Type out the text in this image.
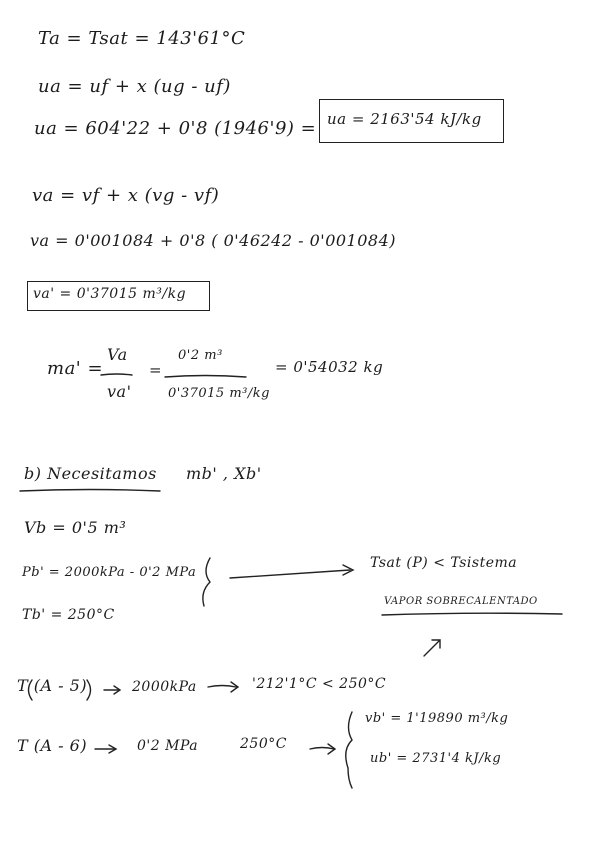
Ta = Tsat = 143'61°C
ua = uf + x (ug - uf)
ua = 604'22 + 0'8 (1946'9) = ua = 2163'54 kJ/kg
va = vf + x (vg - vf)
va = 0'001084 + 0'8 ( 0'46242 - 0'001084)
va' = 0'37015 m³/kg
ma' =
Va
va'
=
0'2 m³
0'37015 m³/kg
= 0'54032 kg
b) Necesitamos mb' , Xb'
Vb = 0'5 m³
Pb' = 2000kPa - 0'2 MPa
Tb' = 250°C
Tsat (P) < Tsistema
VAPOR SOBRECALENTADO
T (A - 5)	2000kPa	'212'1°C < 250°C
T (A - 6)	0'2 MPa	250°C
vb' = 1'19890 m³/kg
ub' = 2731'4 kJ/kg
